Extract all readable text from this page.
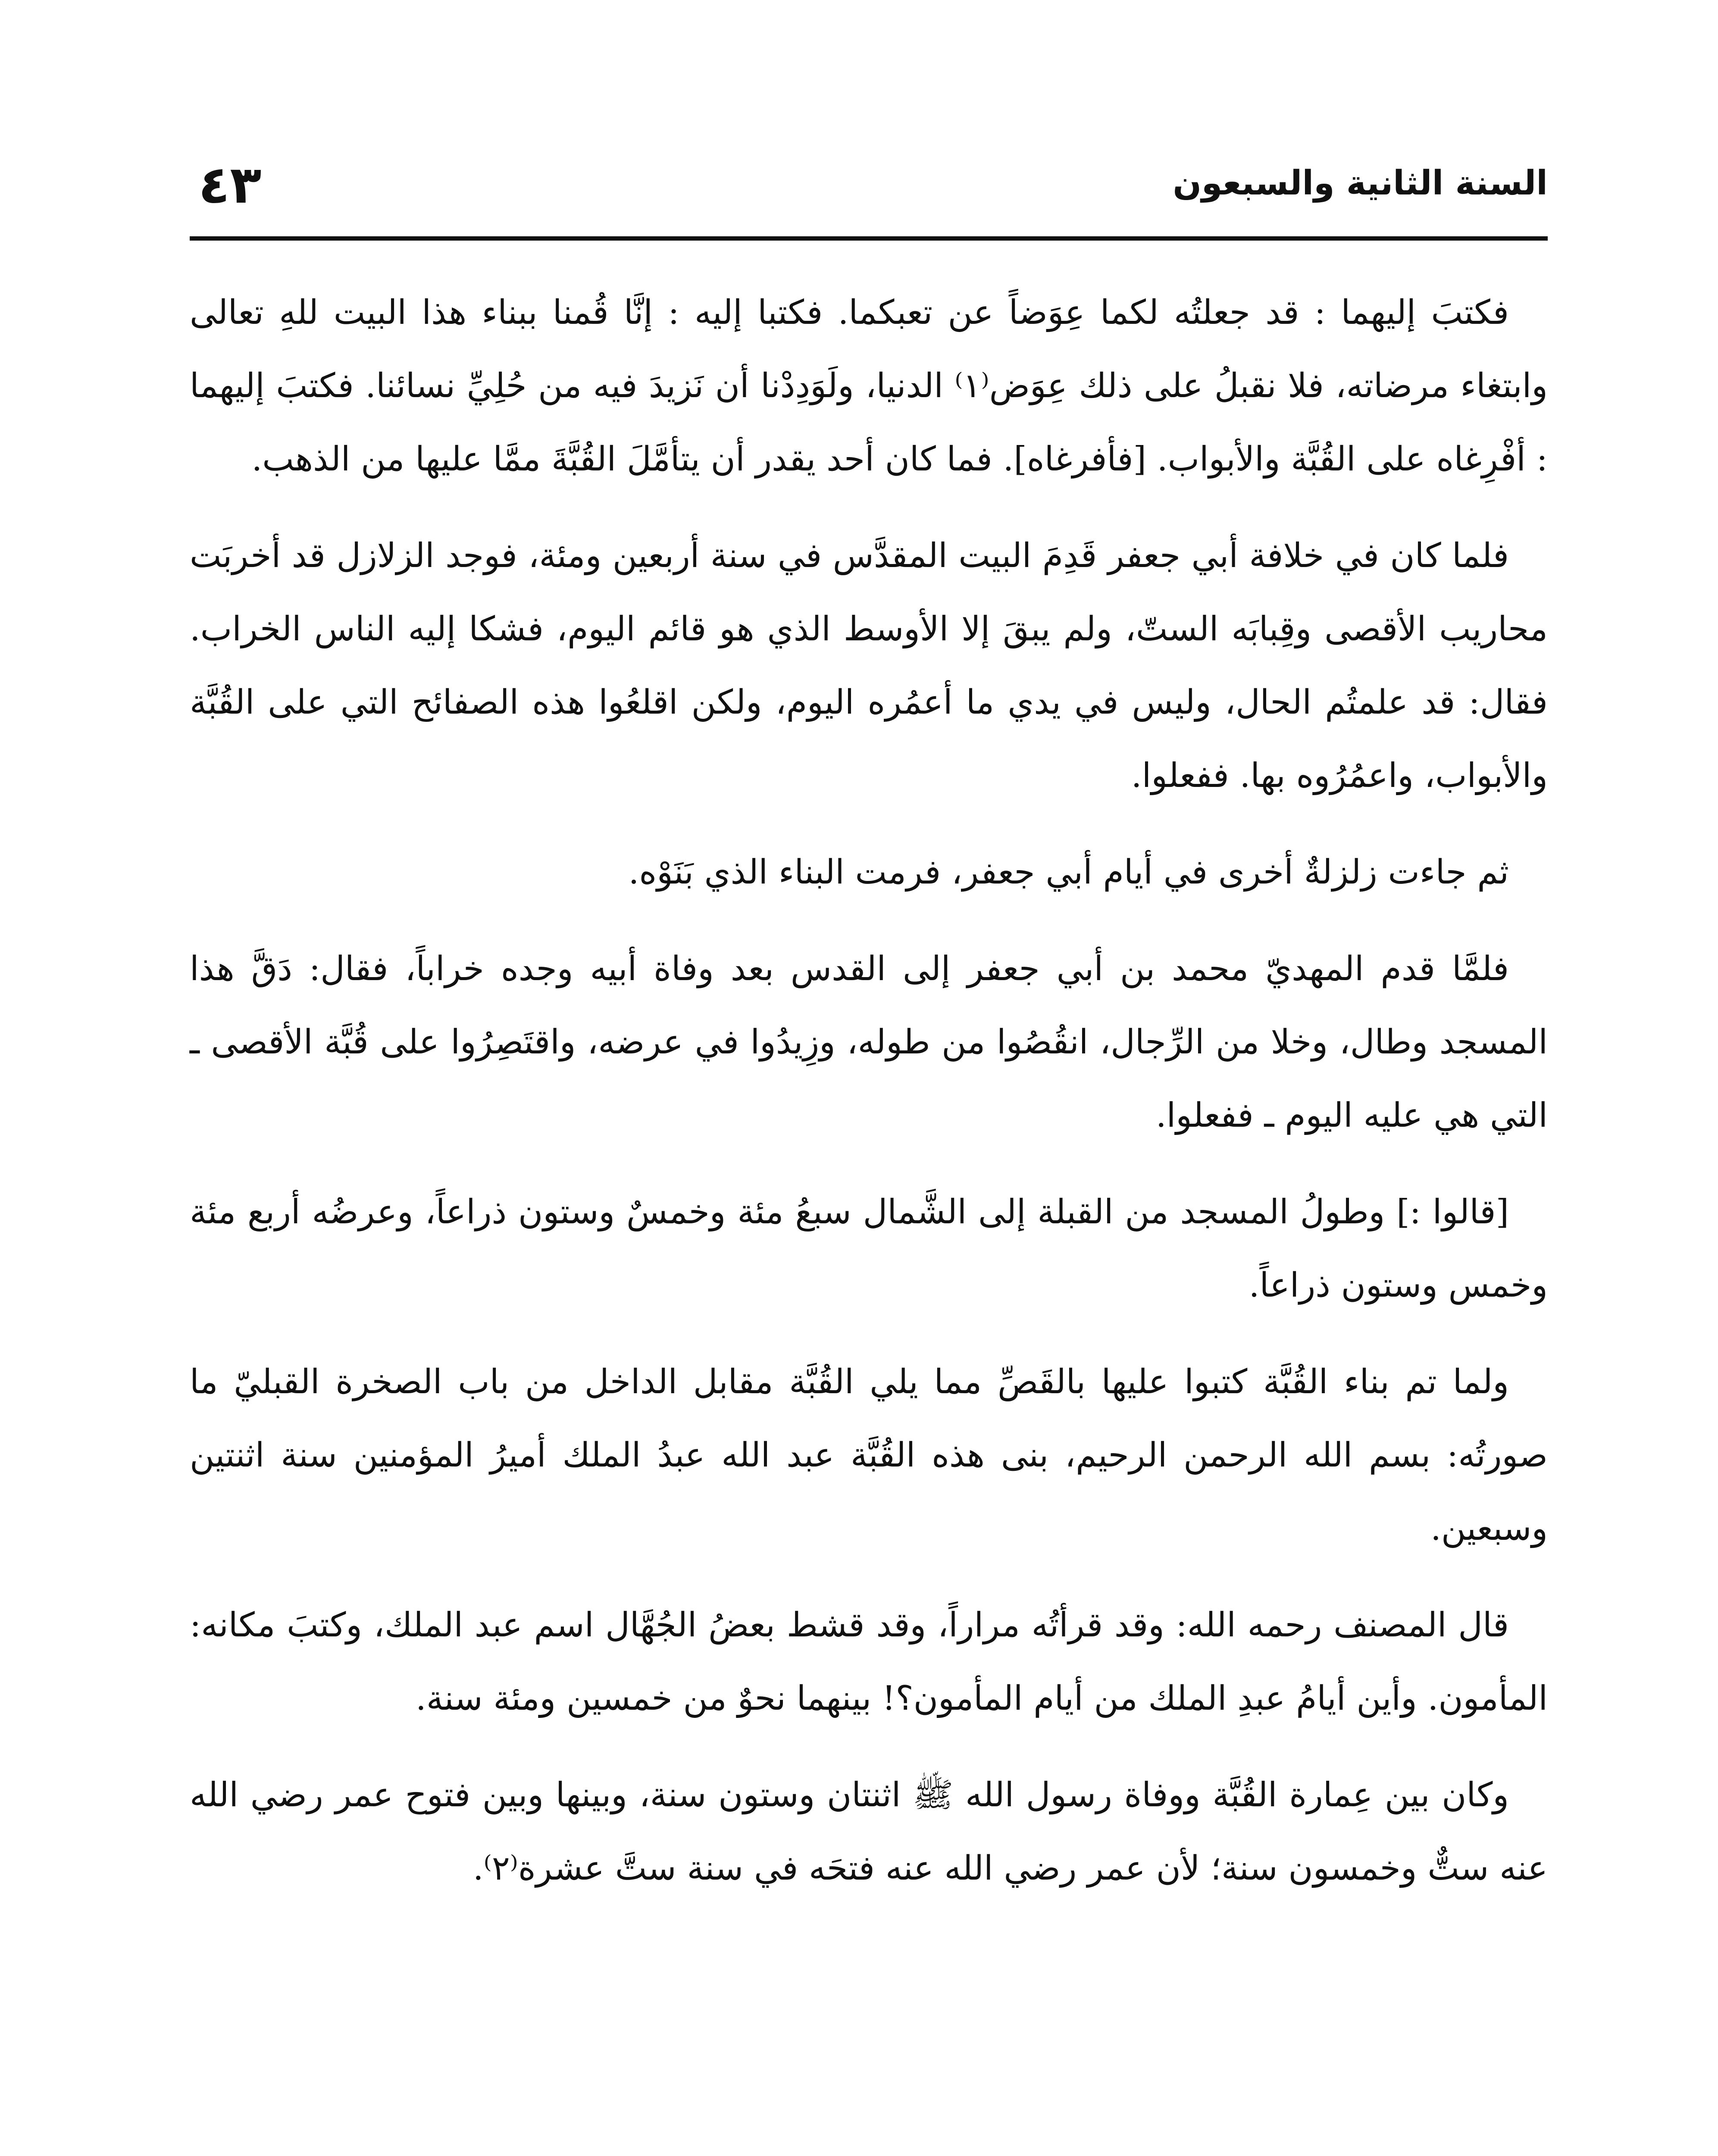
السنة الثانية والسبعون
٤٣

فكتبَ إليهما : قد جعلتُه لكما عِوَضاً عن تعبكما. فكتبا إليه : إنَّا قُمنا ببناء هذا البيت للهِ تعالى وابتغاء مرضاته، فلا نقبلُ على ذلك عِوَض⁽١⁾ الدنيا، ولَوَدِدْنا أن نَزيدَ فيه من حُلِيِّ نسائنا. فكتبَ إليهما : أفْرِغاه على القُبَّة والأبواب. [فأفرغاه]. فما كان أحد يقدر أن يتأمَّلَ القُبَّةَ ممَّا عليها من الذهب.

فلما كان في خلافة أبي جعفر قَدِمَ البيت المقدَّس في سنة أربعين ومئة، فوجد الزلازل قد أخربَت محاريب الأقصى وقِبابَه الستّ، ولم يبقَ إلا الأوسط الذي هو قائم اليوم، فشكا إليه الناس الخراب. فقال: قد علمتُم الحال، وليس في يدي ما أعمُره اليوم، ولكن اقلعُوا هذه الصفائح التي على القُبَّة والأبواب، واعمُرُوه بها. ففعلوا.

ثم جاءت زلزلةٌ أخرى في أيام أبي جعفر، فرمت البناء الذي بَنَوْه.

فلمَّا قدم المهديّ محمد بن أبي جعفر إلى القدس بعد وفاة أبيه وجده خراباً، فقال: دَقَّ هذا المسجد وطال، وخلا من الرِّجال، انقُصُوا من طوله، وزِيدُوا في عرضه، واقتَصِرُوا على قُبَّة الأقصى ـ التي هي عليه اليوم ـ ففعلوا.

[قالوا :] وطولُ المسجد من القبلة إلى الشَّمال سبعُ مئة وخمسٌ وستون ذراعاً، وعرضُه أربع مئة وخمس وستون ذراعاً.

ولما تم بناء القُبَّة كتبوا عليها بالقَصِّ مما يلي القُبَّة مقابل الداخل من باب الصخرة القبليّ ما صورتُه: بسم الله الرحمن الرحيم، بنى هذه القُبَّة عبد الله عبدُ الملك أميرُ المؤمنين سنة اثنتين وسبعين.

قال المصنف رحمه الله: وقد قرأتُه مراراً، وقد قشط بعضُ الجُهَّال اسم عبد الملك، وكتبَ مكانه: المأمون. وأين أيامُ عبدِ الملك من أيام المأمون؟! بينهما نحوٌ من خمسين ومئة سنة.

وكان بين عِمارة القُبَّة ووفاة رسول الله ﷺ اثنتان وستون سنة، وبينها وبين فتوح عمر رضي الله عنه ستٌّ وخمسون سنة؛ لأن عمر رضي الله عنه فتحَه في سنة ستَّ عشرة⁽٢⁾.
